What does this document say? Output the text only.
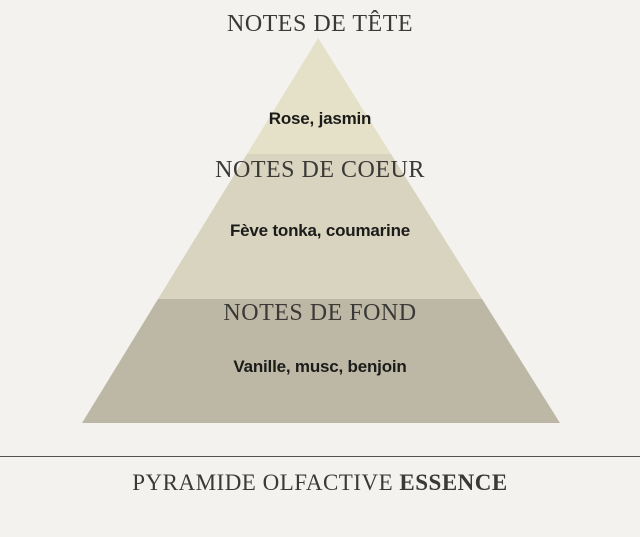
NOTES DE TÊTE
Rose, jasmin
NOTES DE COEUR
Fève tonka, coumarine
NOTES DE FOND
Vanille, musc, benjoin
PYRAMIDE OLFACTIVE ESSENCE
